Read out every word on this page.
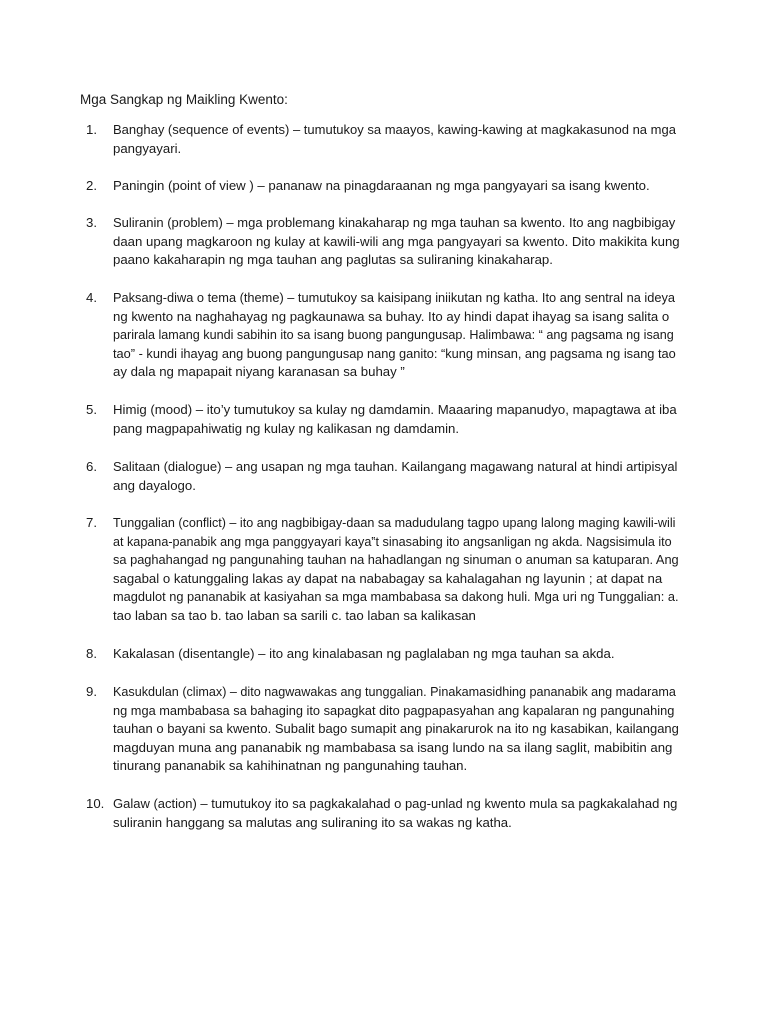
Mga Sangkap ng Maikling Kwento:
1.	Banghay (sequence of events) – tumutukoy sa maayos, kawing-kawing at magkakasunod na mga
pangyayari.
2.	Paningin (point of view ) – pananaw na pinagdaraanan ng mga pangyayari sa isang kwento.
3.	Suliranin (problem) – mga problemang kinakaharap ng mga tauhan sa kwento. Ito ang nagbibigay
daan upang magkaroon ng kulay at kawili-wili ang mga pangyayari sa kwento. Dito makikita kung
paano kakaharapin ng mga tauhan ang paglutas sa suliraning kinakaharap.
4.	Paksang-diwa o tema (theme) – tumutukoy sa kaisipang iniikutan ng katha. Ito ang sentral na ideya
ng kwento na naghahayag ng pagkaunawa sa buhay. Ito ay hindi dapat ihayag sa isang salita o
parirala lamang kundi sabihin ito sa isang buong pangungusap. Halimbawa: “ ang pagsama ng isang
tao” - kundi ihayag ang buong pangungusap nang ganito: “kung minsan, ang pagsama ng isang tao
ay dala ng mapapait niyang karanasan sa buhay ”
5.	Himig (mood) – ito’y tumutukoy sa kulay ng damdamin. Maaaring mapanudyo, mapagtawa at iba
pang magpapahiwatig ng kulay ng kalikasan ng damdamin.
6.	Salitaan (dialogue) – ang usapan ng mga tauhan. Kailangang magawang natural at hindi artipisyal
ang dayalogo.
7.	Tunggalian (conflict) – ito ang nagbibigay-daan sa madudulang tagpo upang lalong maging kawili-wili
at kapana-panabik ang mga panggyayari kaya‟t sinasabing ito angsanligan ng akda. Nagsisimula ito
sa paghahangad ng pangunahing tauhan na hahadlangan ng sinuman o anuman sa katuparan. Ang
sagabal o katunggaling lakas ay dapat na nababagay sa kahalagahan ng layunin ; at dapat na
magdulot ng pananabik at kasiyahan sa mga mambabasa sa dakong huli. Mga uri ng Tunggalian: a.
tao laban sa tao b. tao laban sa sarili c. tao laban sa kalikasan
8.	Kakalasan (disentangle) – ito ang kinalabasan ng paglalaban ng mga tauhan sa akda.
9.	Kasukdulan (climax) – dito nagwawakas ang tunggalian. Pinakamasidhing pananabik ang madarama
ng mga mambabasa sa bahaging ito sapagkat dito pagpapasyahan ang kapalaran ng pangunahing
tauhan o bayani sa kwento. Subalit bago sumapit ang pinakarurok na ito ng kasabikan, kailangang
magduyan muna ang pananabik ng mambabasa sa isang lundo na sa ilang saglit, mabibitin ang
tinurang pananabik sa kahihinatnan ng pangunahing tauhan.
10. Galaw (action) – tumutukoy ito sa pagkakalahad o pag-unlad ng kwento mula sa pagkakalahad ng
suliranin hanggang sa malutas ang suliraning ito sa wakas ng katha.
